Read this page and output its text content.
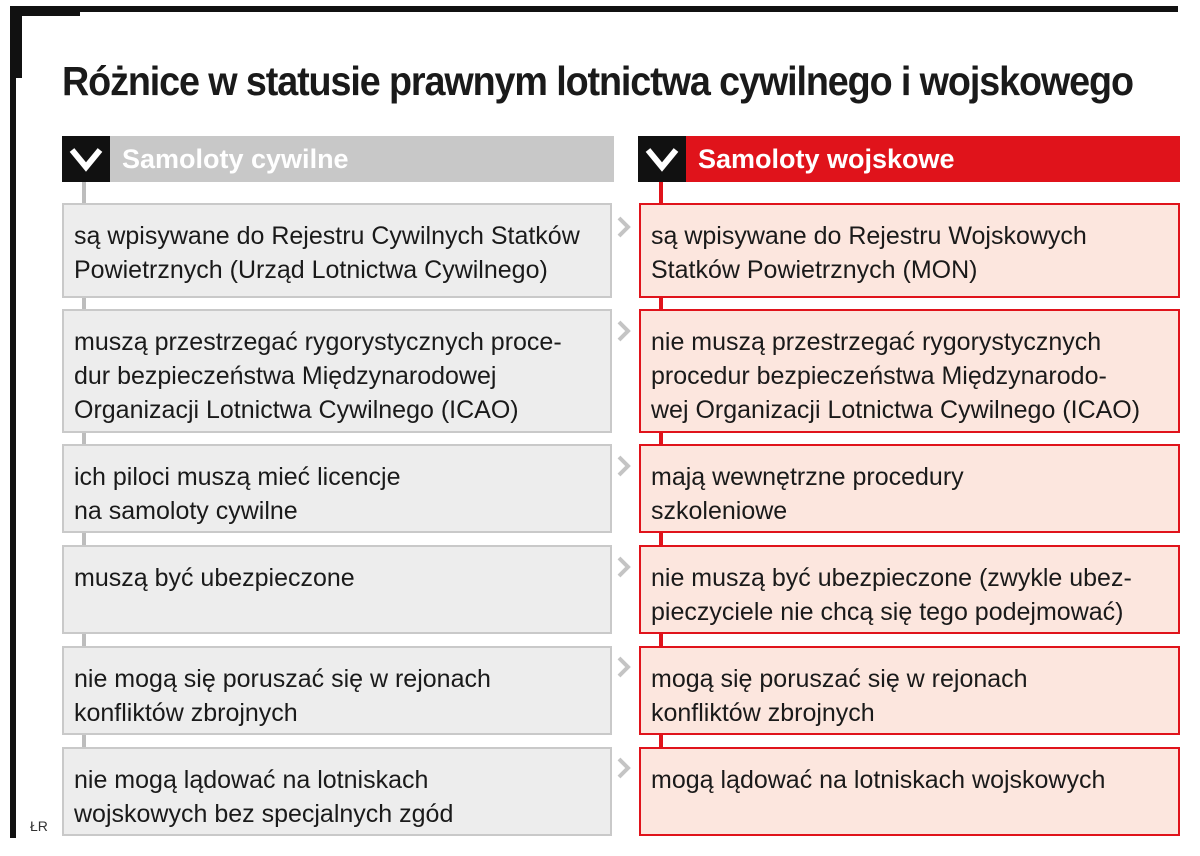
Różnice w statusie prawnym lotnictwa cywilnego i wojskowego
Samoloty cywilne	Samoloty wojskowe
są wpisywane do Rejestru Cywilnych Statków
Powietrznych (Urząd Lotnictwa Cywilnego)
są wpisywane do Rejestru Wojskowych
Statków Powietrznych (MON)
muszą przestrzegać rygorystycznych proce-
dur bezpieczeństwa Międzynarodowej
Organizacji Lotnictwa Cywilnego (ICAO)
nie muszą przestrzegać rygorystycznych
procedur bezpieczeństwa Międzynarodo-
wej Organizacji Lotnictwa Cywilnego (ICAO)
ich piloci muszą mieć licencje
na samoloty cywilne
mają wewnętrzne procedury
szkoleniowe
muszą być ubezpieczone	nie muszą być ubezpieczone (zwykle ubez-
pieczyciele nie chcą się tego podejmować)
nie mogą się poruszać się w rejonach
konfliktów zbrojnych
mogą się poruszać się w rejonach
konfliktów zbrojnych
nie mogą lądować na lotniskach
wojskowych bez specjalnych zgód
mogą lądować na lotniskach wojskowych
ŁR
